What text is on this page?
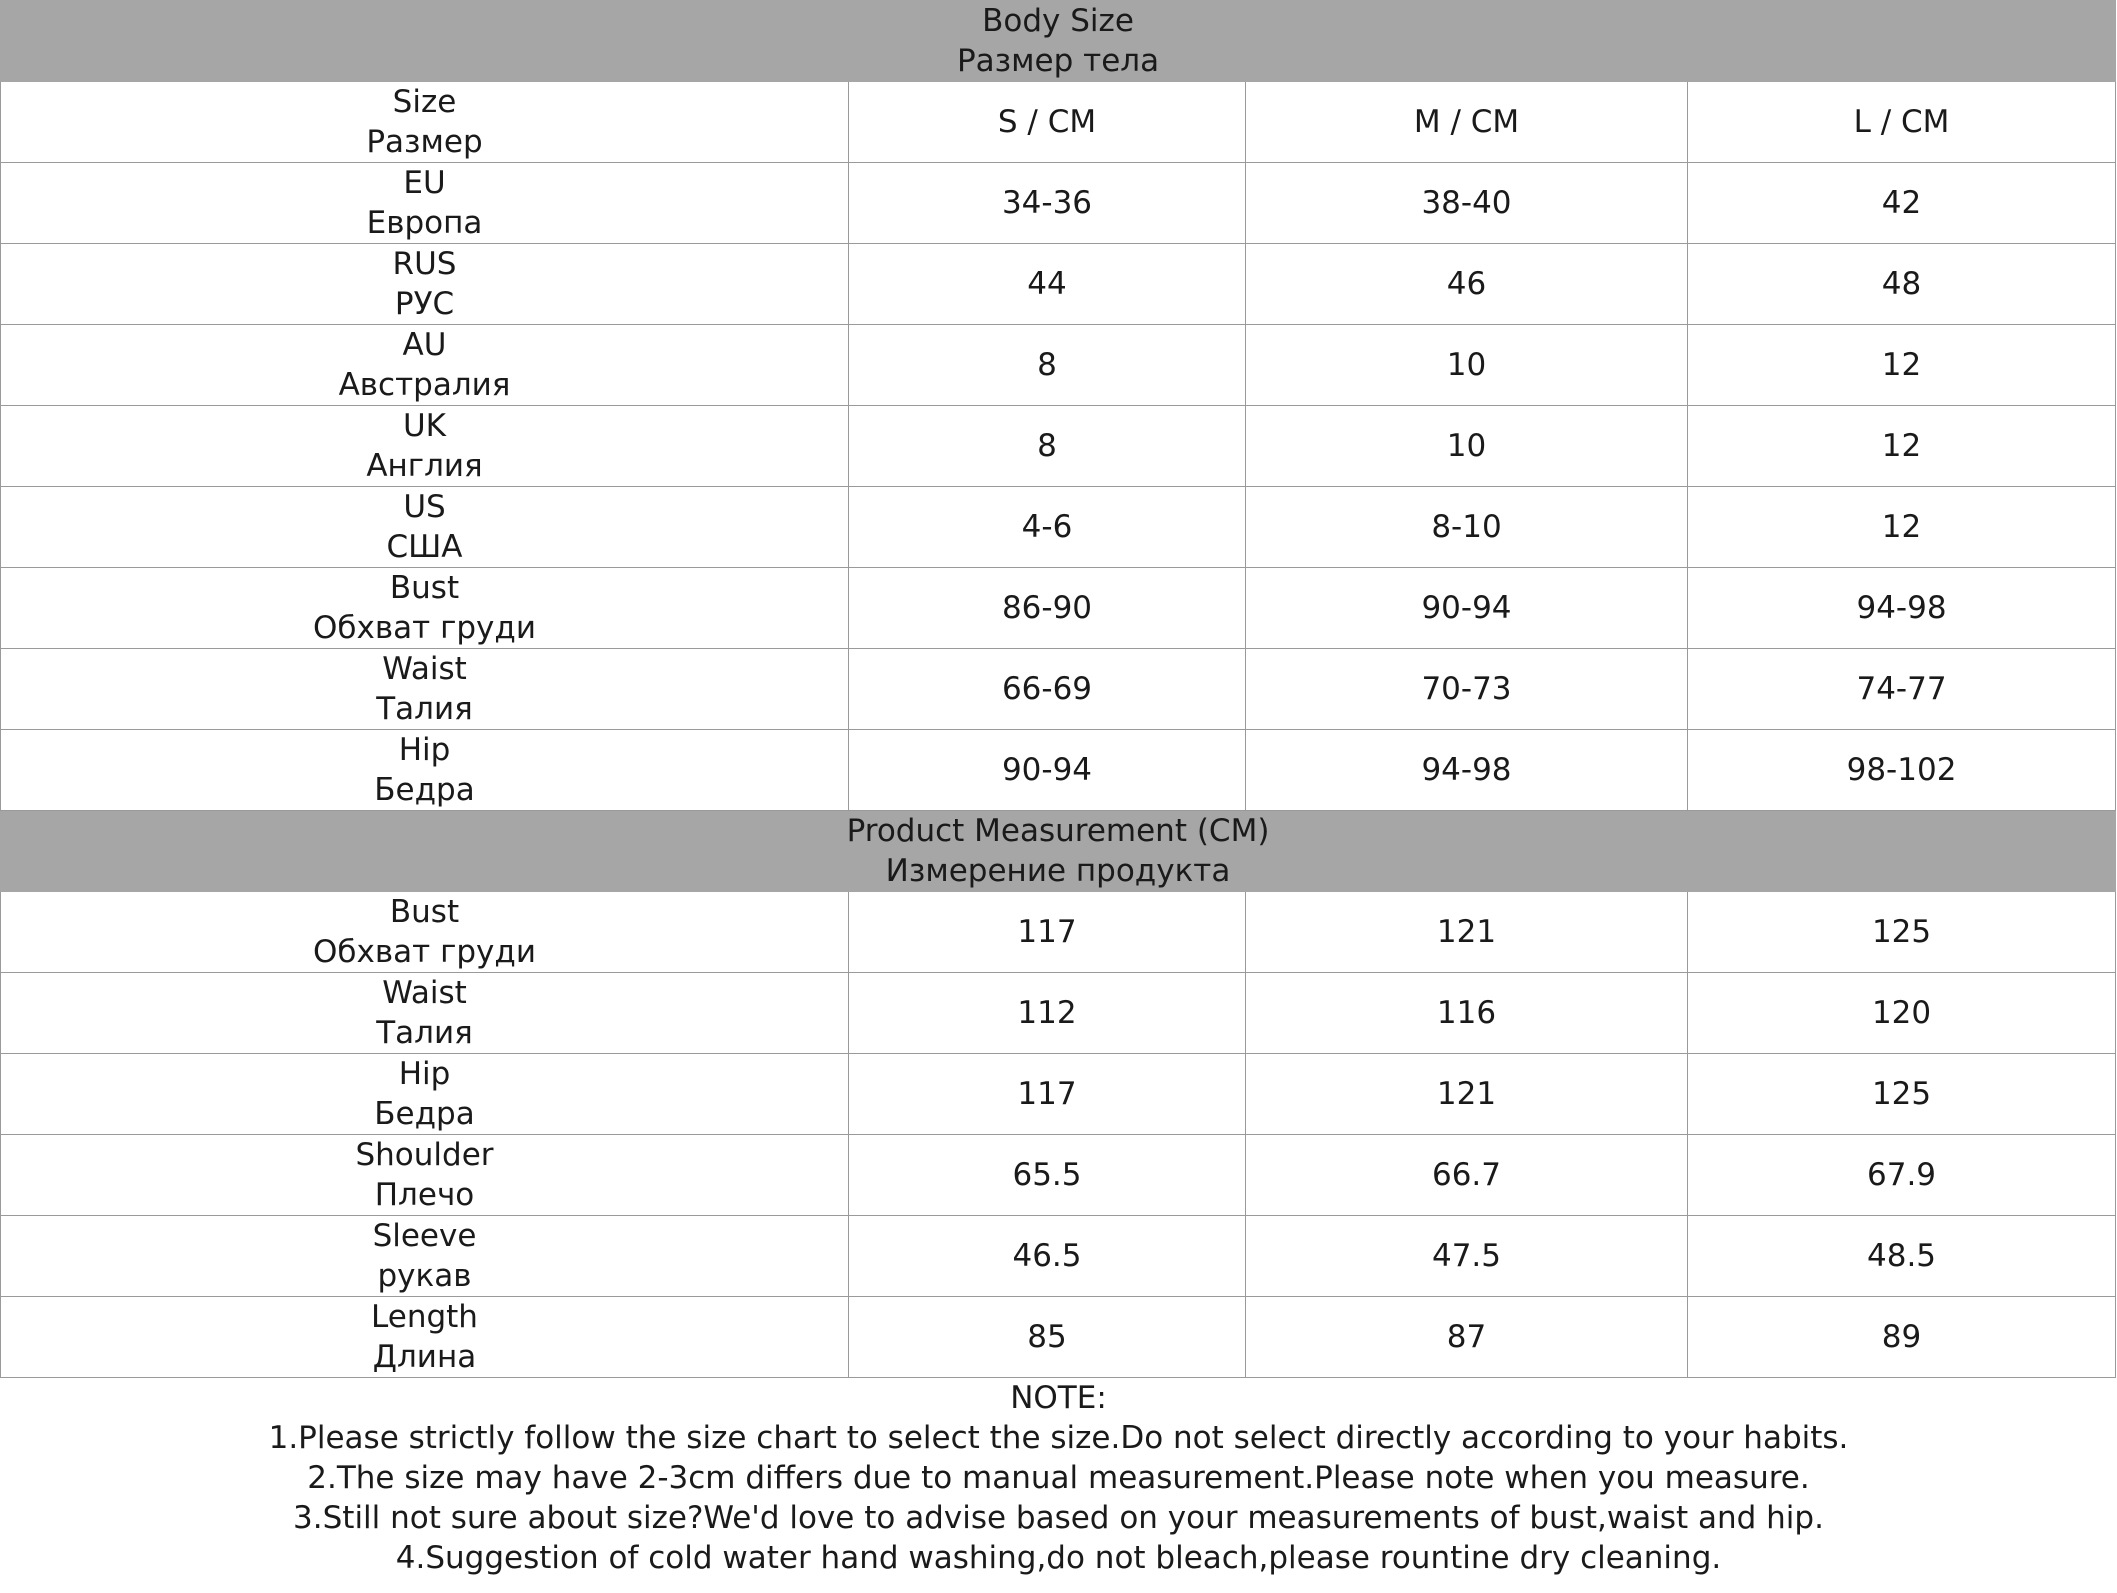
Body Size
Размер тела			

Size
Размер	S / CM	M / CM	L / CM

EU
Европа	34-36	38-40	42

RUS
РУС	44	46	48

AU
Австралия	8	10	12

UK
Англия	8	10	12

US
США	4-6	8-10	12

Bust
Обхват груди	86-90	90-94	94-98

Waist
Талия	66-69	70-73	74-77

Hip
Бедра	90-94	94-98	98-102

Product Measurement (CM)
Измерение продукта			

Bust
Обхват груди	117	121	125

Waist
Талия	112	116	120

Hip
Бедра	117	121	125

Shoulder
Плечо	65.5	66.7	67.9

Sleeve
рукав	46.5	47.5	48.5

Length
Длина	85	87	89
NOTE:
1.Please strictly follow the size chart to select the size.Do not select directly according to your habits.
2.The size may have 2-3cm differs due to manual measurement.Please note when you measure.
3.Still not sure about size?We'd love to advise based on your measurements of bust,waist and hip.
4.Suggestion of cold water hand washing,do not bleach,please rountine dry cleaning.
